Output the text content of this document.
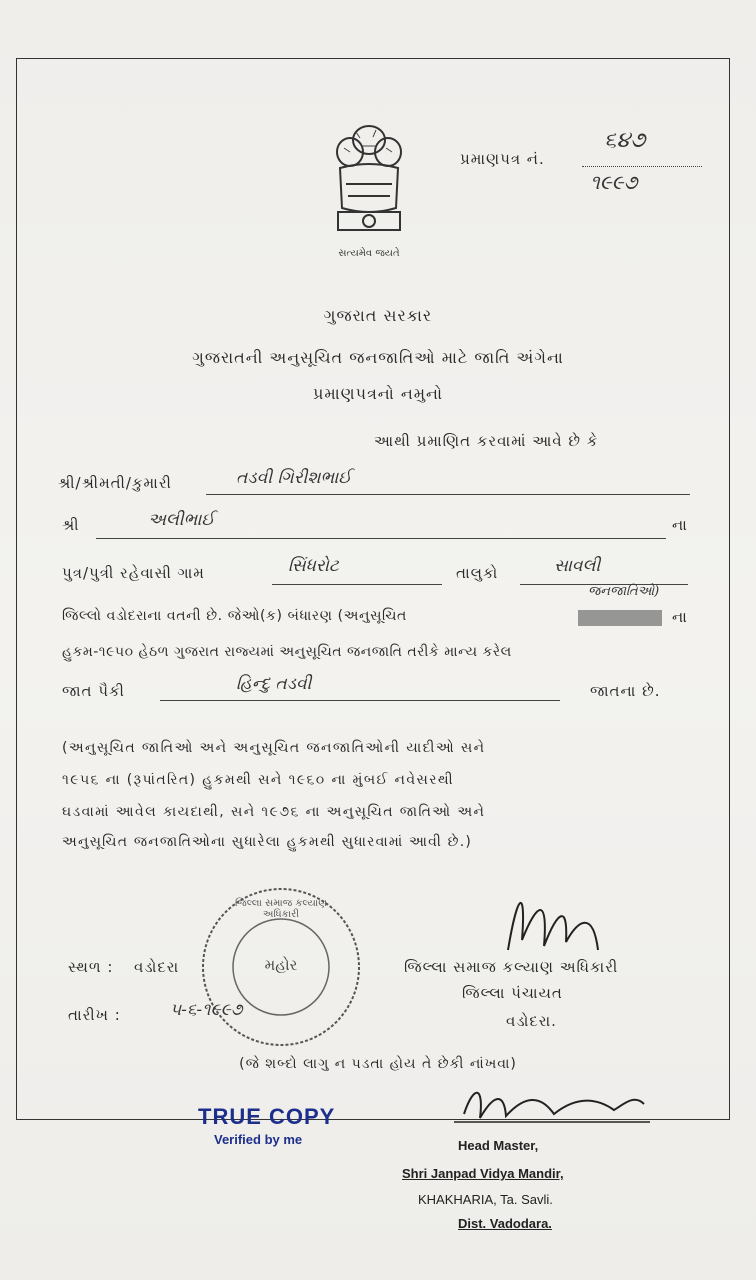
સત્યમેવ જયતે
પ્રમાણપત્ર નં.
૬૪૭
૧૯૯૭
ગુજરાત સરકાર
ગુજરાતની અનુસૂચિત જનજાતિઓ માટે જાતિ અંગેના
પ્રમાણપત્રનો નમુનો
આથી પ્રમાણિત કરવામાં આવે છે કે
શ્રી/શ્રીમતી/કુમારી	તડવી ગિરીશભાઈ
શ્રી	અલીભાઈ	ના
પુત્ર/પુત્રી રહેવાસી ગામ	સિંધરોટ	તાલુકો	સાવલી
જિલ્લો વડોદરાના વતની છે. જેઓ(ક) બંધારણ (અનુસૂચિત
જનજાતિઓ)
ના
હુકમ-૧૯૫૦ હેઠળ ગુજરાત રાજ્યમાં અનુસૂચિત જનજાતિ તરીકે માન્ય કરેલ
જાત પૈકી	હિન્દુ તડવી	જાતના છે.
(અનુસૂચિત જાતિઓ અને અનુસૂચિત જનજાતિઓની યાદીઓ સને
૧૯૫૬ ના (રૂપાંતરિત) હુકમથી સને ૧૯૬૦ ના મુંબઈ નવેસરથી
ઘડવામાં આવેલ કાયદાથી, સને ૧૯૭૬ ના અનુસૂચિત જાતિઓ અને
અનુસૂચિત જનજાતિઓના સુધારેલા હુકમથી સુધારવામાં આવી છે.)
જિલ્લા સમાજ કલ્યાણ અધિકારી
મહોર
સ્થળ : વડોદરા
તારીખ :	૫-૬-૧૯૯૭
જિલ્લા સમાજ કલ્યાણ અધિકારી
જિલ્લા પંચાયત
વડોદરા.
(જે શબ્દો લાગુ ન પડતા હોય તે છેકી નાંખવા)
TRUE COPY
Verified by me	Head Master,
Shri Janpad Vidya Mandir,
KHAKHARIA, Ta. Savli.
Dist. Vadodara.
